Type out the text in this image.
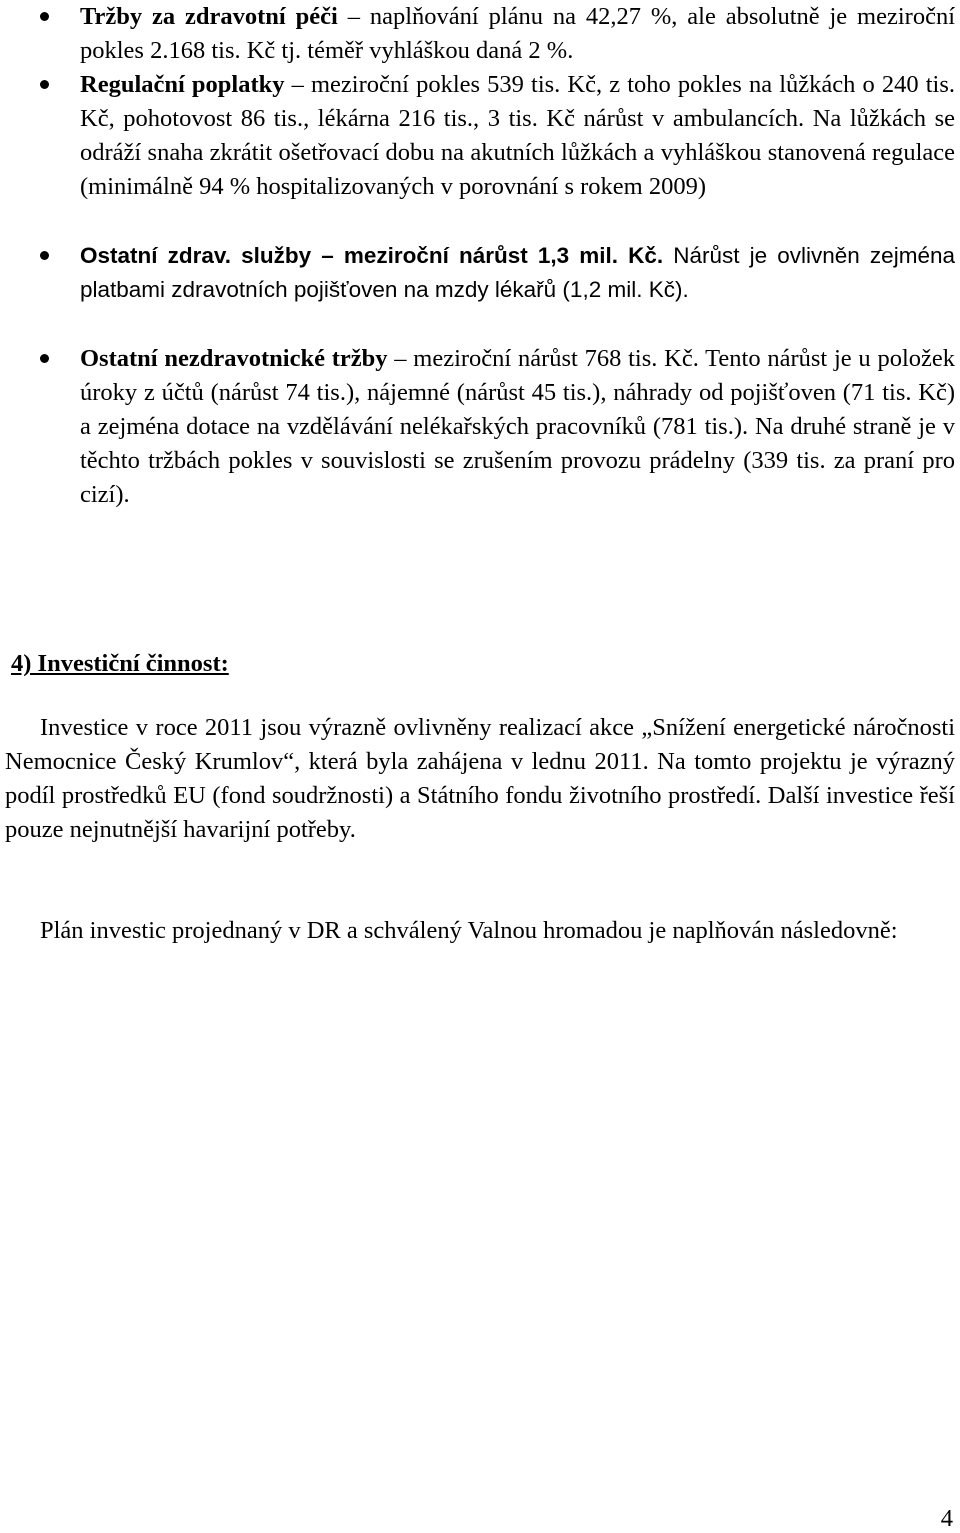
Tržby za zdravotní péči – naplňování plánu na 42,27 %, ale absolutně je meziroční pokles 2.168 tis. Kč tj. téměř vyhláškou daná 2 %.
Regulační poplatky – meziroční pokles 539 tis. Kč, z toho pokles na lůžkách o 240 tis. Kč, pohotovost 86 tis., lékárna 216 tis., 3 tis. Kč nárůst v ambulancích. Na lůžkách se odráží snaha zkrátit ošetřovací dobu na akutních lůžkách a vyhláškou stanovená regulace (minimálně 94 % hospitalizovaných v porovnání s rokem 2009)
Ostatní zdrav. služby – meziroční nárůst 1,3 mil. Kč. Nárůst je ovlivněn zejména platbami zdravotních pojišťoven na mzdy lékařů (1,2 mil. Kč).
Ostatní nezdravotnické tržby – meziroční nárůst 768 tis. Kč. Tento nárůst je u položek úroky z účtů (nárůst 74 tis.), nájemné (nárůst 45 tis.), náhrady od pojišťoven (71 tis. Kč) a zejména dotace na vzdělávání nelékařských pracovníků (781 tis.). Na druhé straně je v těchto tržbách pokles v souvislosti se zrušením provozu prádelny (339 tis. za praní pro cizí).
4) Investiční činnost:

Investice v roce 2011 jsou výrazně ovlivněny realizací akce „Snížení energetické náročnosti Nemocnice Český Krumlov“, která byla zahájena v lednu 2011. Na tomto projektu je výrazný podíl prostředků EU (fond soudržnosti) a Státního fondu životního prostředí. Další investice řeší pouze nejnutnější havarijní potřeby.

Plán investic projednaný v DR a schválený Valnou hromadou je naplňován následovně:

4
